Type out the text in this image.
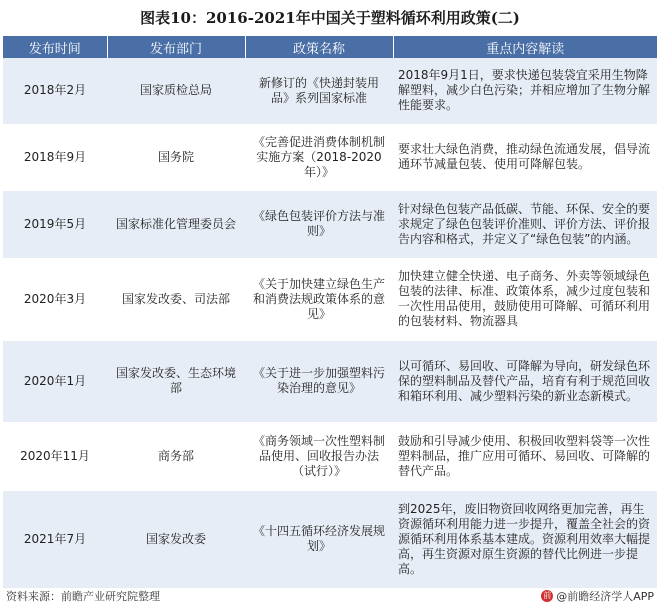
图表10：2016-2021年中国关于塑料循环利用政策(二)
发布时间	发布部门	政策名称	重点内容解读
2018年2月	国家质检总局	新修订的《快递封装用品》系列国家标准	2018年9月1日，要求快递包装袋宜采用生物降解塑料，减少白色污染；并相应增加了生物分解性能要求。
2018年9月	国务院	《完善促进消费体制机制实施方案（2018-2020年）》	要求壮大绿色消费，推动绿色流通发展，倡导流通环节减量包装、使用可降解包装。
2019年5月	国家标准化管理委员会	《绿色包装评价方法与准则》	针对绿色包装产品低碳、节能、环保、安全的要求规定了绿色包装评价准则、评价方法、评价报告内容和格式，并定义了“绿色包装”的内涵。
2020年3月	国家发改委、司法部	《关于加快建立绿色生产和消费法规政策体系的意见》	加快建立健全快递、电子商务、外卖等领域绿色包装的法律、标准、政策体系，减少过度包装和一次性用品使用，鼓励使用可降解、可循环利用的包装材料、物流器具
2020年1月	国家发改委、生态环境部	《关于进一步加强塑料污染治理的意见》	以可循环、易回收、可降解为导向，研发绿色环保的塑料制品及替代产品，培育有利于规范回收和箱环利用、减少塑料污染的新业态新模式。
2020年11月	商务部	《商务领域一次性塑料制品使用、回收报告办法（试行）》	鼓励和引导减少使用、积极回收塑料袋等一次性塑料制品，推广应用可循环、易回收、可降解的替代产品。
2021年7月	国家发改委	《十四五循环经济发展规划》	到2025年，废旧物资回收网络更加完善，再生资源循环利用能力进一步提升，覆盖全社会的资源循环利用体系基本建成。资源利用效率大幅提高，再生资源对原生资源的替代比例进一步提高。
资料来源：前瞻产业研究院整理	前 @前瞻经济学人APP
